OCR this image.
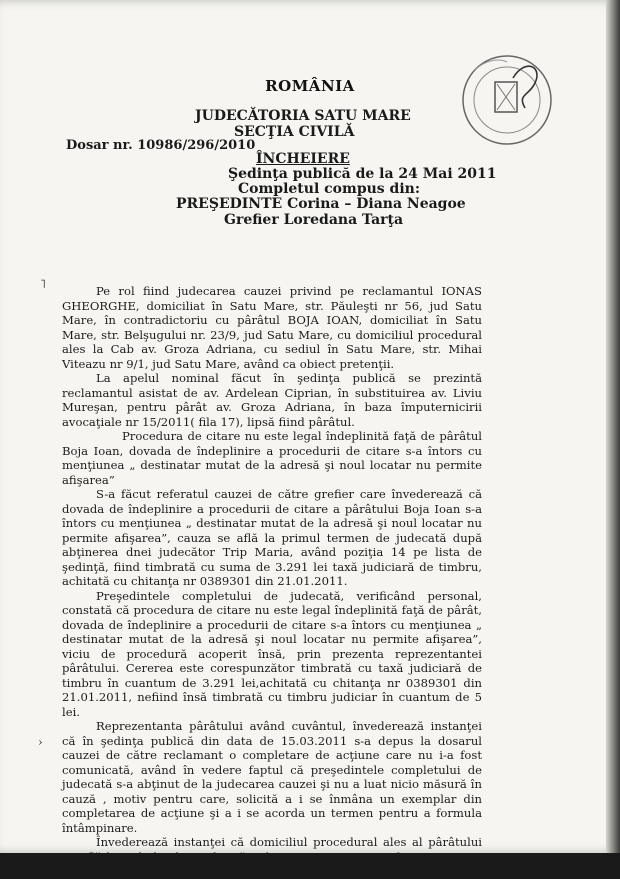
ROMÂNIA
JUDECĂTORIA SATU MARE
SECŢIA CIVILĂ
Dosar nr. 10986/296/2010
ÎNCHEIERE
Şedinţa publică de la 24 Mai 2011
Completul compus din:
PREŞEDINTE Corina – Diana Neagoe
Grefier Loredana Tarţa
˥
›

Pe rol fiind judecarea cauzei privind pe reclamantul IONAS GHEORGHE, domiciliat în Satu Mare, str. Păuleşti nr 56, jud Satu Mare, în contradictoriu cu pârâtul BOJA IOAN, domiciliat în Satu Mare, str. Belşugului nr. 23/9, jud Satu Mare, cu domiciliul procedural ales la Cab av. Groza Adriana, cu sediul în Satu Mare, str. Mihai Viteazu nr 9/1, jud Satu Mare, având ca obiect pretenţii.

La apelul nominal făcut în şedinţa publică se prezintă reclamantul asistat de av. Ardelean Ciprian, în substituirea av. Liviu Mureşan, pentru pârât av. Groza Adriana, în baza împuternicirii avocaţiale nr 15/2011( fila 17), lipsă fiind pârâtul.

Procedura de citare nu este legal îndeplinită faţă de pârâtul Boja Ioan, dovada de îndeplinire a procedurii de citare s-a întors cu menţiunea „ destinatar mutat de la adresă şi noul locatar nu permite afişarea”

S-a făcut referatul cauzei de către grefier care învederează că dovada de îndeplinire a procedurii de citare a pârâtului Boja Ioan s-a întors cu menţiunea „ destinatar mutat de la adresă şi noul locatar nu permite afişarea”, cauza se află la primul termen de judecată după abţinerea dnei judecător Trip Maria, având poziţia 14 pe lista de şedinţă, fiind timbrată cu suma de 3.291 lei taxă judiciară de timbru, achitată cu chitanţa nr 0389301 din 21.01.2011.

Preşedintele completului de judecată, verificând personal, constată că procedura de citare nu este legal îndeplinită faţă de pârât, dovada de îndeplinire a procedurii de citare s-a întors cu menţiunea „ destinatar mutat de la adresă şi noul locatar nu permite afişarea”, viciu de procedură acoperit însă, prin prezenta reprezentantei pârâtului. Cererea este corespunzător timbrată cu taxă judiciară de timbru în cuantum de 3.291 lei,achitată cu chitanţa nr 0389301 din 21.01.2011, nefiind însă timbrată cu timbru judiciar în cuantum de 5 lei.

Reprezentanta pârâtului având cuvântul, învederează instanţei că în şedinţa publică din data de 15.03.2011 s-a depus la dosarul cauzei de către reclamant o completare de acţiune care nu i-a fost comunicată, având în vedere faptul că preşedintele completului de judecată s-a abţinut de la judecarea cauzei şi nu a luat nicio măsură în cauză , motiv pentru care, solicită a i se înmâna un exemplar din completarea de acţiune şi a i se acorda un termen pentru a formula întâmpinare.

Învederează instanţei că domiciliul procedural ales al pârâtului se află la sediul cabinetului său, din Satu Mare, str. Mihai Viteazu nr 9/1, jud Satu Mare.
